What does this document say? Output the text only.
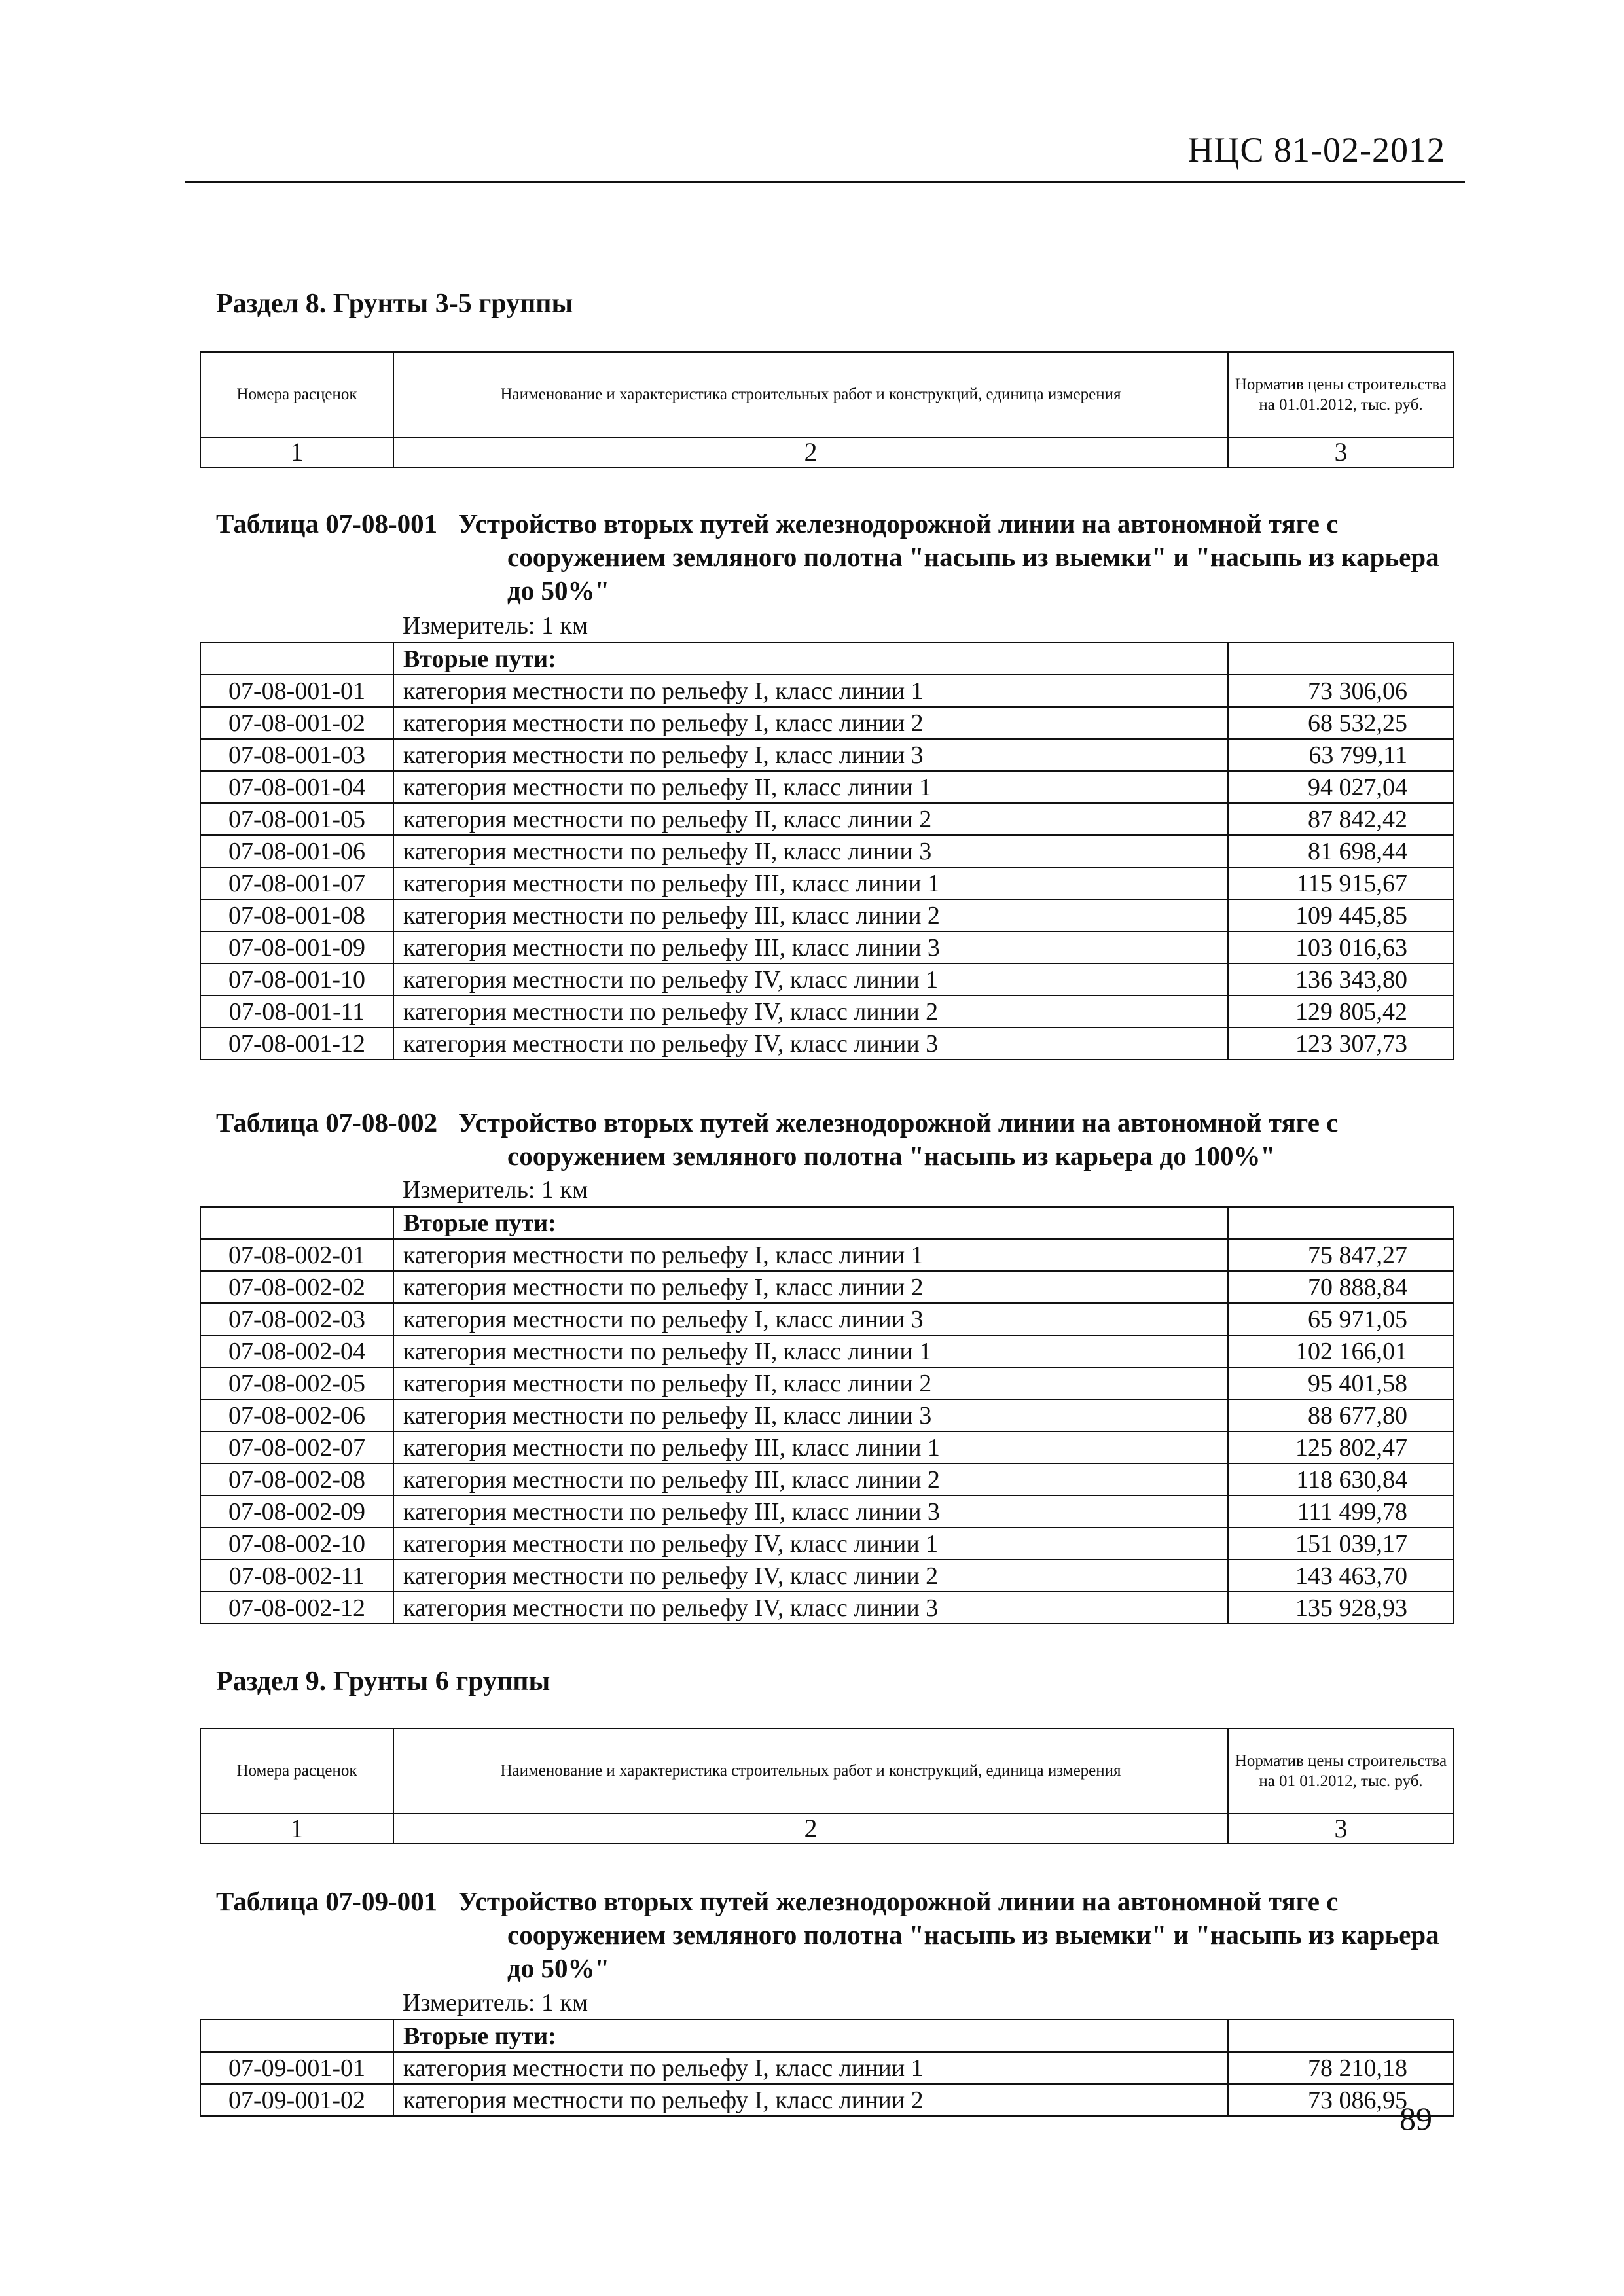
НЦС 81-02-2012
Раздел 8. Грунты 3-5 группы
Номера расценок	Наименование и характеристика строительных работ и конструкций, единица измерения	Норматив цены строительства на 01.01.2012, тыс. руб.
1	2	3
Таблица 07-08-001 Устройство вторых путей железнодорожной линии на автономной тяге с сооружением земляного полотна "насыпь из выемки" и "насыпь из карьера до 50%"
	Измеритель: 1 км	
	Вторые пути:	
07-08-001-01	категория местности по рельефу I, класс линии 1	73 306,06
07-08-001-02	категория местности по рельефу I, класс линии 2	68 532,25
07-08-001-03	категория местности по рельефу I, класс линии 3	63 799,11
07-08-001-04	категория местности по рельефу II, класс линии 1	94 027,04
07-08-001-05	категория местности по рельефу II, класс линии 2	87 842,42
07-08-001-06	категория местности по рельефу II, класс линии 3	81 698,44
07-08-001-07	категория местности по рельефу III, класс линии 1	115 915,67
07-08-001-08	категория местности по рельефу III, класс линии 2	109 445,85
07-08-001-09	категория местности по рельефу III, класс линии 3	103 016,63
07-08-001-10	категория местности по рельефу IV, класс линии 1	136 343,80
07-08-001-11	категория местности по рельефу IV, класс линии 2	129 805,42
07-08-001-12	категория местности по рельефу IV, класс линии 3	123 307,73
Таблица 07-08-002 Устройство вторых путей железнодорожной линии на автономной тяге с сооружением земляного полотна "насыпь из карьера до 100%"
	Измеритель: 1 км	
	Вторые пути:	
07-08-002-01	категория местности по рельефу I, класс линии 1	75 847,27
07-08-002-02	категория местности по рельефу I, класс линии 2	70 888,84
07-08-002-03	категория местности по рельефу I, класс линии 3	65 971,05
07-08-002-04	категория местности по рельефу II, класс линии 1	102 166,01
07-08-002-05	категория местности по рельефу II, класс линии 2	95 401,58
07-08-002-06	категория местности по рельефу II, класс линии 3	88 677,80
07-08-002-07	категория местности по рельефу III, класс линии 1	125 802,47
07-08-002-08	категория местности по рельефу III, класс линии 2	118 630,84
07-08-002-09	категория местности по рельефу III, класс линии 3	111 499,78
07-08-002-10	категория местности по рельефу IV, класс линии 1	151 039,17
07-08-002-11	категория местности по рельефу IV, класс линии 2	143 463,70
07-08-002-12	категория местности по рельефу IV, класс линии 3	135 928,93
Раздел 9. Грунты 6 группы
Номера расценок	Наименование и характеристика строительных работ и конструкций, единица измерения	Норматив цены строительства на 01 01.2012, тыс. руб.
1	2	3
Таблица 07-09-001 Устройство вторых путей железнодорожной линии на автономной тяге с сооружением земляного полотна "насыпь из выемки" и "насыпь из карьера до 50%"
	Измеритель: 1 км	
	Вторые пути:	
07-09-001-01	категория местности по рельефу I, класс линии 1	78 210,18
07-09-001-02	категория местности по рельефу I, класс линии 2	73 086,95
89
